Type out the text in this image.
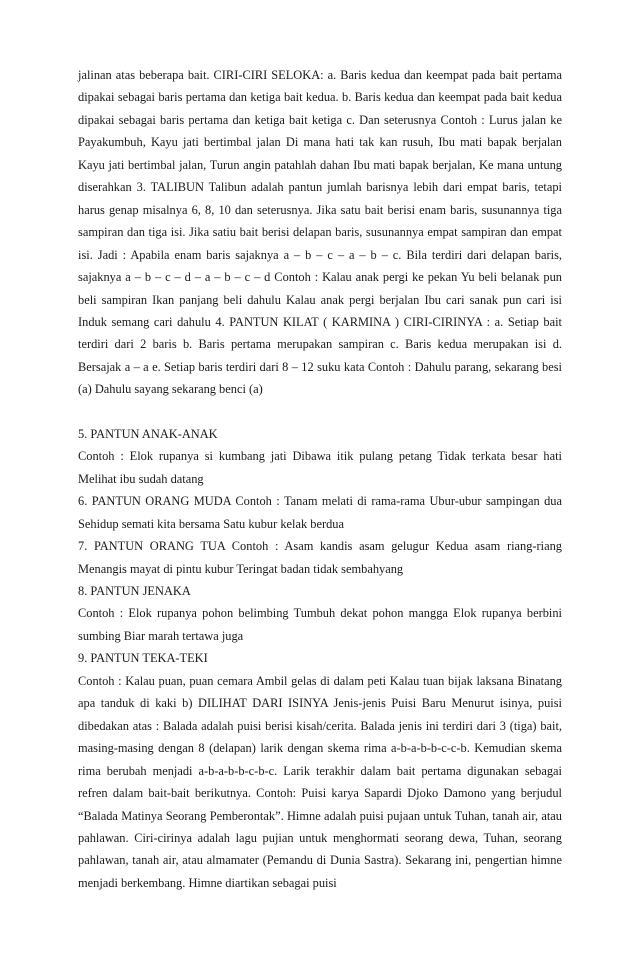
jalinan atas beberapa bait. CIRI-CIRI SELOKA: a. Baris kedua dan keempat pada bait pertama dipakai sebagai baris pertama dan ketiga bait kedua. b. Baris kedua dan keempat pada bait kedua dipakai sebagai baris pertama dan ketiga bait ketiga c. Dan seterusnya Contoh : Lurus jalan ke Payakumbuh, Kayu jati bertimbal jalan Di mana hati tak kan rusuh, Ibu mati bapak berjalan Kayu jati bertimbal jalan, Turun angin patahlah dahan Ibu mati bapak berjalan, Ke mana untung diserahkan 3. TALIBUN Talibun adalah pantun jumlah barisnya lebih dari empat baris, tetapi harus genap misalnya 6, 8, 10 dan seterusnya. Jika satu bait berisi enam baris, susunannya tiga sampiran dan tiga isi. Jika satiu bait berisi delapan baris, susunannya empat sampiran dan empat isi. Jadi : Apabila enam baris sajaknya a – b – c – a – b – c. Bila terdiri dari delapan baris, sajaknya a – b – c – d – a – b – c – d Contoh : Kalau anak pergi ke pekan Yu beli belanak pun beli sampiran Ikan panjang beli dahulu Kalau anak pergi berjalan Ibu cari sanak pun cari isi Induk semang cari dahulu 4. PANTUN KILAT ( KARMINA ) CIRI-CIRINYA : a. Setiap bait terdiri dari 2 baris b. Baris pertama merupakan sampiran c. Baris kedua merupakan isi d. Bersajak a – a e. Setiap baris terdiri dari 8 – 12 suku kata Contoh : Dahulu parang, sekarang besi (a) Dahulu sayang sekarang benci (a)

5. PANTUN ANAK-ANAK

Contoh : Elok rupanya si kumbang jati Dibawa itik pulang petang Tidak terkata besar hati Melihat ibu sudah datang

6. PANTUN ORANG MUDA Contoh : Tanam melati di rama-rama Ubur-ubur sampingan dua Sehidup semati kita bersama Satu kubur kelak berdua

7. PANTUN ORANG TUA Contoh : Asam kandis asam gelugur Kedua asam riang-riang Menangis mayat di pintu kubur Teringat badan tidak sembahyang

8. PANTUN JENAKA

Contoh : Elok rupanya pohon belimbing Tumbuh dekat pohon mangga Elok rupanya berbini sumbing Biar marah tertawa juga

9. PANTUN TEKA-TEKI

Contoh : Kalau puan, puan cemara Ambil gelas di dalam peti Kalau tuan bijak laksana Binatang apa tanduk di kaki b) DILIHAT DARI ISINYA Jenis-jenis Puisi Baru Menurut isinya, puisi dibedakan atas : Balada adalah puisi berisi kisah/cerita. Balada jenis ini terdiri dari 3 (tiga) bait, masing-masing dengan 8 (delapan) larik dengan skema rima a-b-a-b-b-c-c-b. Kemudian skema rima berubah menjadi a-b-a-b-b-c-b-c. Larik terakhir dalam bait pertama digunakan sebagai refren dalam bait-bait berikutnya. Contoh: Puisi karya Sapardi Djoko Damono yang berjudul “Balada Matinya Seorang Pemberontak”. Himne adalah puisi pujaan untuk Tuhan, tanah air, atau pahlawan. Ciri-cirinya adalah lagu pujian untuk menghormati seorang dewa, Tuhan, seorang pahlawan, tanah air, atau almamater (Pemandu di Dunia Sastra). Sekarang ini, pengertian himne menjadi berkembang. Himne diartikan sebagai puisi
